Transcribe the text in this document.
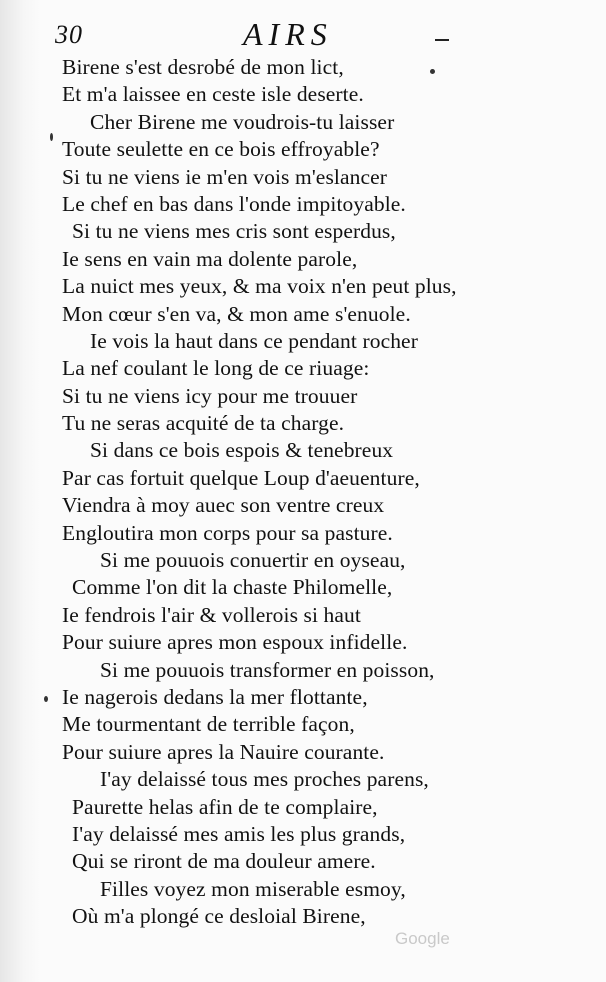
30	AIRS
Birene s'est desrobé de mon lict,
Et m'a laissee en ceste isle deserte.
Cher Birene me voudrois-tu laisser
Toute seulette en ce bois effroyable?
Si tu ne viens ie m'en vois m'eslancer
Le chef en bas dans l'onde impitoyable.
Si tu ne viens mes cris sont esperdus,
Ie sens en vain ma dolente parole,
La nuict mes yeux, & ma voix n'en peut plus,
Mon cœur s'en va, & mon ame s'enuole.
Ie vois la haut dans ce pendant rocher
La nef coulant le long de ce riuage:
Si tu ne viens icy pour me trouuer
Tu ne seras acquité de ta charge.
Si dans ce bois espois & tenebreux
Par cas fortuit quelque Loup d'aeuenture,
Viendra à moy auec son ventre creux
Engloutira mon corps pour sa pasture.
Si me pouuois conuertir en oyseau,
Comme l'on dit la chaste Philomelle,
Ie fendrois l'air & vollerois si haut
Pour suiure apres mon espoux infidelle.
Si me pouuois transformer en poisson,
Ie nagerois dedans la mer flottante,
Me tourmentant de terrible façon,
Pour suiure apres la Nauire courante.
I'ay delaissé tous mes proches parens,
Paurette helas afin de te complaire,
I'ay delaissé mes amis les plus grands,
Qui se riront de ma douleur amere.
Filles voyez mon miserable esmoy,
Où m'a plongé ce desloial Birene,
Google
